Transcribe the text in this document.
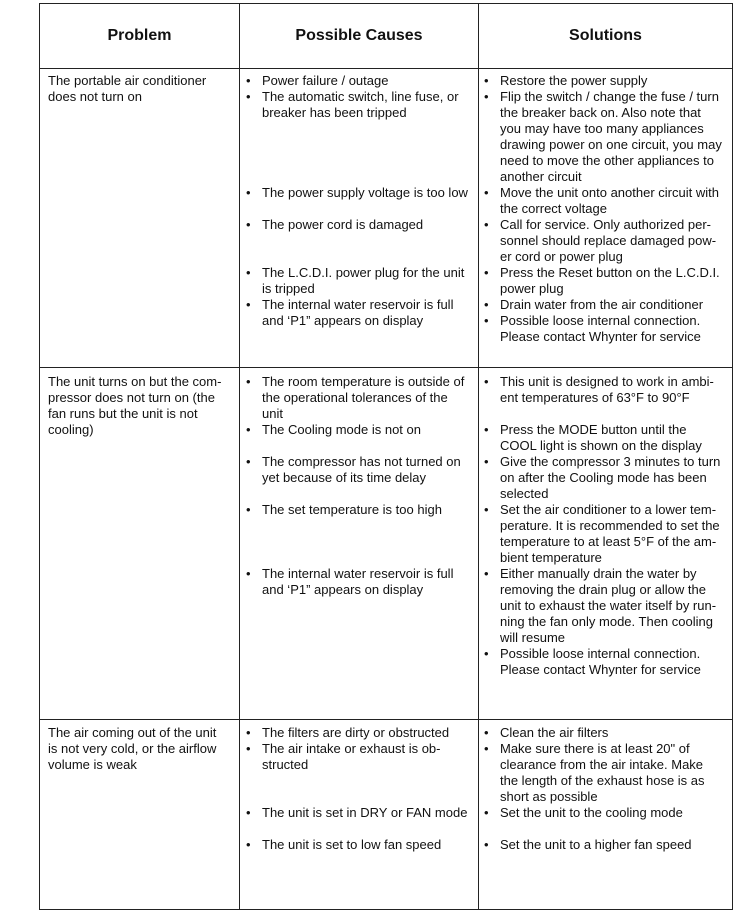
Problem	Possible Causes	Solutions
The portable air conditioner
does not turn on
• Power failure / outage
• The automatic switch, line fuse, or
breaker has been tripped
• The power supply voltage is too low
• The power cord is damaged
• The L.C.D.I. power plug for the unit
is tripped
• The internal water reservoir is full
and ‘P1” appears on display
• Restore the power supply
• Flip the switch / change the fuse / turn
the breaker back on. Also note that
you may have too many appliances
drawing power on one circuit, you may
need to move the other appliances to
another circuit
• Move the unit onto another circuit with
the correct voltage
• Call for service. Only authorized per-
sonnel should replace damaged pow-
er cord or power plug
• Press the Reset button on the L.C.D.I.
power plug
• Drain water from the air conditioner
• Possible loose internal connection.
Please contact Whynter for service
The unit turns on but the com-
pressor does not turn on (the
fan runs but the unit is not
cooling)
• The room temperature is outside of
the operational tolerances of the
unit
• The Cooling mode is not on
• The compressor has not turned on
yet because of its time delay
• The set temperature is too high
• The internal water reservoir is full
and ‘P1” appears on display
• This unit is designed to work in ambi-
ent temperatures of 63°F to 90°F
• Press the MODE button until the
COOL light is shown on the display
• Give the compressor 3 minutes to turn
on after the Cooling mode has been
selected
• Set the air conditioner to a lower tem-
perature. It is recommended to set the
temperature to at least 5°F of the am-
bient temperature
• Either manually drain the water by
removing the drain plug or allow the
unit to exhaust the water itself by run-
ning the fan only mode. Then cooling
will resume
• Possible loose internal connection.
Please contact Whynter for service
The air coming out of the unit
is not very cold, or the airflow
volume is weak
• The filters are dirty or obstructed
• The air intake or exhaust is ob-
structed
• The unit is set in DRY or FAN mode
• The unit is set to low fan speed
• Clean the air filters
• Make sure there is at least 20" of
clearance from the air intake. Make
the length of the exhaust hose is as
short as possible
• Set the unit to the cooling mode
• Set the unit to a higher fan speed
